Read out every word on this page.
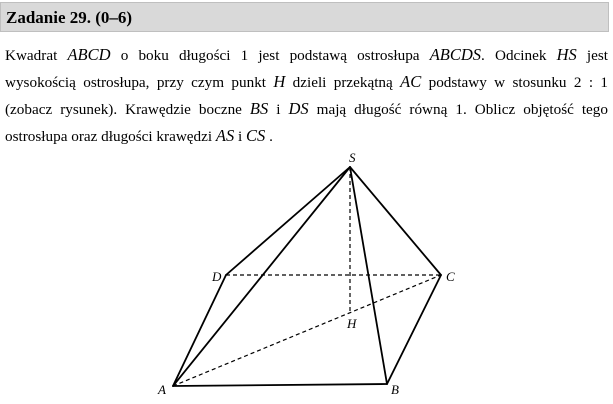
Zadanie 29. (0–6)
Kwadrat ABCD o boku długości 1 jest podstawą ostrosłupa ABCDS. Odcinek HS jest
wysokością ostrosłupa, przy czym punkt H dzieli przekątną AC podstawy w stosunku 2 : 1
(zobacz rysunek). Krawędzie boczne BS i DS mają długość równą 1. Oblicz objętość tego
ostrosłupa oraz długości krawędzi AS i CS .
S
D	C
H
A	B
